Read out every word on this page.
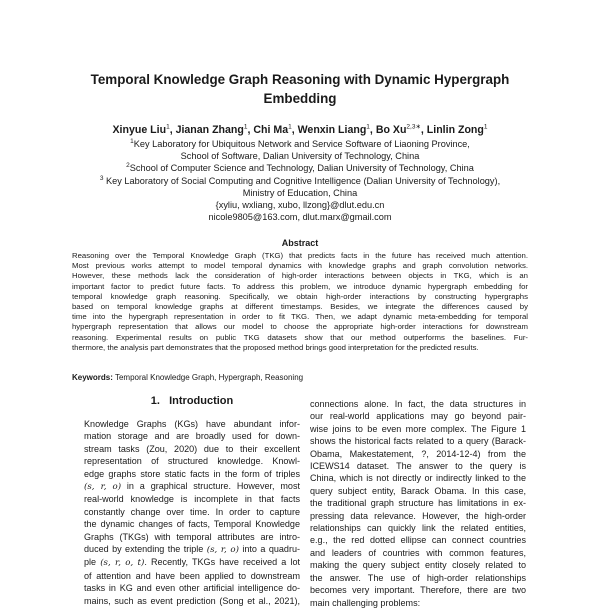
Temporal Knowledge Graph Reasoning with Dynamic Hypergraph
Embedding
Xinyue Liu$^1$, Jianan Zhang$^1$, Chi Ma$^1$, Wenxin Liang$^1$, Bo $Xu^{2,3∗}$, Linlin Zong$^1$
$^1$Key Laboratory for Ubiquitous Network and Service Software of Liaoning Province,
School of Software, Dalian University of Technology, China
$^2$School of Computer Science and Technology, Dalian University of Technology, China
$^3$ Key Laboratory of Social Computing and Cognitive Intelligence (Dalian University of Technology),
Ministry of Education, China
{xyliu, wxliang, xubo, llzong}@dlut.edu.cn
nicole9805@163.com, dlut.marx@gmail.com
Abstract
Reasoning over the Temporal Knowledge Graph (TKG) that predicts facts in the future has received much attention.
Most previous works attempt to model temporal dynamics with knowledge graphs and graph convolution networks.
However, these methods lack the consideration of high-order interactions between objects in TKG, which is an
important factor to predict future facts. To address this problem, we introduce dynamic hypergraph embedding for
temporal knowledge graph reasoning. Specifically, we obtain high-order interactions by constructing hypergraphs
based on temporal knowledge graphs at different timestamps. Besides, we integrate the differences caused by
time into the hypergraph representation in order to fit TKG. Then, we adapt dynamic meta-embedding for temporal
hypergraph representation that allows our model to choose the appropriate high-order interactions for downstream
reasoning. Experimental results on public TKG datasets show that our method outperforms the baselines. Fur-
thermore, the analysis part demonstrates that the proposed method brings good interpretation for the predicted results.
Keywords: Temporal Knowledge Graph, Hypergraph, Reasoning
1. Introduction
Knowledge Graphs (KGs) have abundant infor-
mation storage and are broadly used for down-
stream tasks (Zou, 2020) due to their excellent
representation of structured knowledge. Knowl-
edge graphs store static facts in the form of triples
(s, r, o) in a graphical structure. However, most
real-world knowledge is incomplete in that facts
constantly change over time. In order to capture
the dynamic changes of facts, Temporal Knowledge
Graphs (TKGs) with temporal attributes are intro-
duced by extending the triple (s, r, o) into a quadru-
ple (s, r, o, t). Recently, TKGs have received a lot
of attention and have been applied to downstream
tasks in KG and even other artificial intelligence do-
mains, such as event prediction (Song et al., 2021),
connections alone. In fact, the data structures in
our real-world applications may go beyond pair-
wise joins to be even more complex. The Figure 1
shows the historical facts related to a query (Barack-
Obama, Makestatement, ?, 2014-12-4) from the
ICEWS14 dataset. The answer to the query is
China, which is not directly or indirectly linked to the
query subject entity, Barack Obama. In this case,
the traditional graph structure has limitations in ex-
pressing data relevance. However, the high-order
relationships can quickly link the related entities,
e.g., the red dotted ellipse can connect countries
and leaders of countries with common features,
making the query subject entity closely related to
the answer. The use of high-order relationships
becomes very important. Therefore, there are two
main challenging problems:
